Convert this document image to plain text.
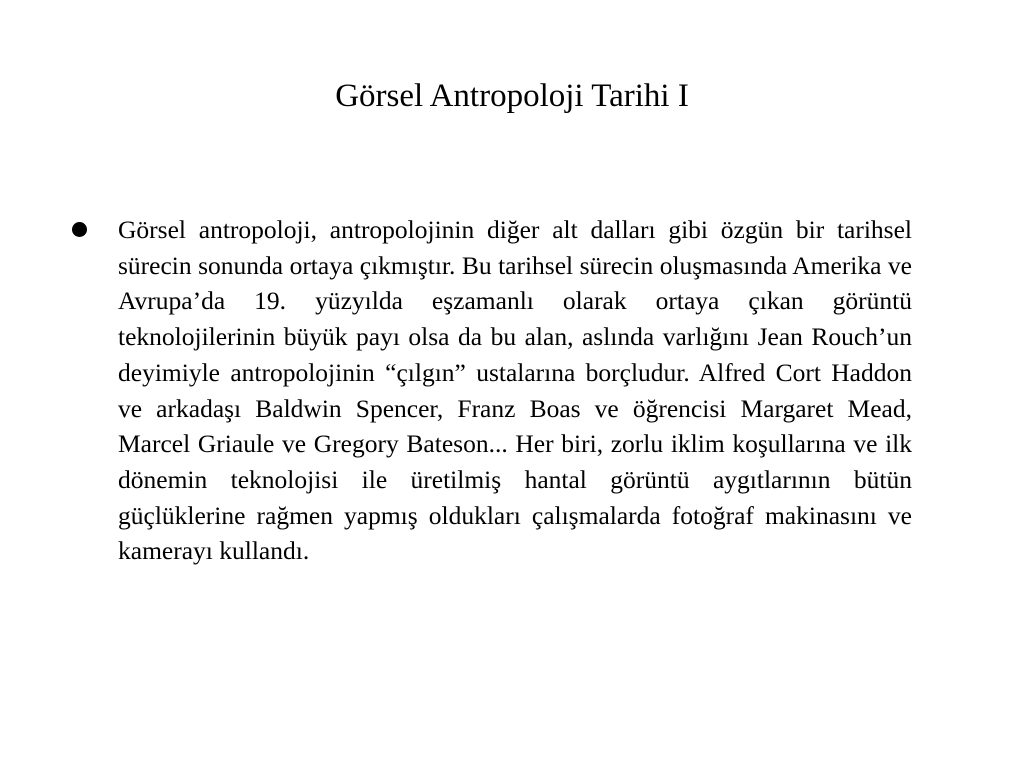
Görsel Antropoloji Tarihi I

Görsel antropoloji, antropolojinin diğer alt dalları gibi özgün bir tarihsel sürecin sonunda ortaya çıkmıştır. Bu tarihsel sürecin oluşmasında Amerika ve Avrupa’da 19. yüzyılda eşzamanlı olarak ortaya çıkan görüntü teknolojilerinin büyük payı olsa da bu alan, aslında varlığını Jean Rouch’un deyimiyle antropolojinin “çılgın” ustalarına borçludur. Alfred Cort Haddon ve arkadaşı Baldwin Spencer, Franz Boas ve öğrencisi Margaret Mead, Marcel Griaule ve Gregory Bateson... Her biri, zorlu iklim koşullarına ve ilk dönemin teknolojisi ile üretilmiş hantal görüntü aygıtlarının bütün güçlüklerine rağmen yapmış oldukları çalışmalarda fotoğraf makinasını ve kamerayı kullandı.
